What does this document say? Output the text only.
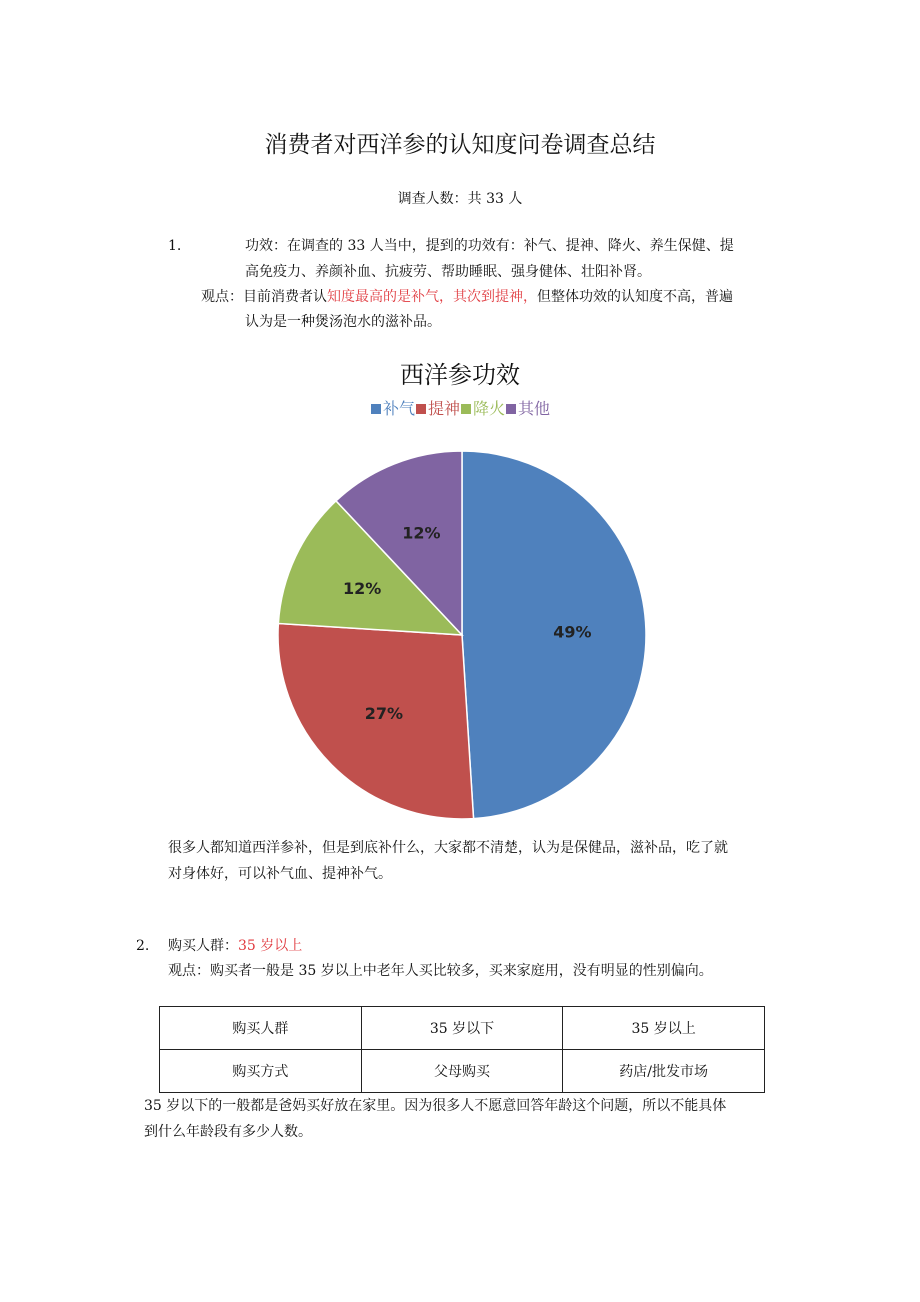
消费者对西洋参的认知度问卷调查总结
调查人数：共 33 人
1.	功效：在调查的 33 人当中，提到的功效有：补气、提神、降火、养生保健、提
高免疫力、养颜补血、抗疲劳、帮助睡眠、强身健体、壮阳补肾。
观点：目前消费者认知度最高的是补气，其次到提神，但整体功效的认知度不高，普遍
认为是一种煲汤泡水的滋补品。
西洋参功效
补气 提神 降火 其他
49%
27%
12%
12%
很多人都知道西洋参补，但是到底补什么，大家都不清楚，认为是保健品，滋补品，吃了就
对身体好，可以补气血、提神补气。
2. 购买人群：35 岁以上
观点：购买者一般是 35 岁以上中老年人买比较多，买来家庭用，没有明显的性别偏向。
购买人群	35 岁以下	35 岁以上
购买方式	父母购买	药店/批发市场
35 岁以下的一般都是爸妈买好放在家里。因为很多人不愿意回答年龄这个问题，所以不能具体
到什么年龄段有多少人数。
